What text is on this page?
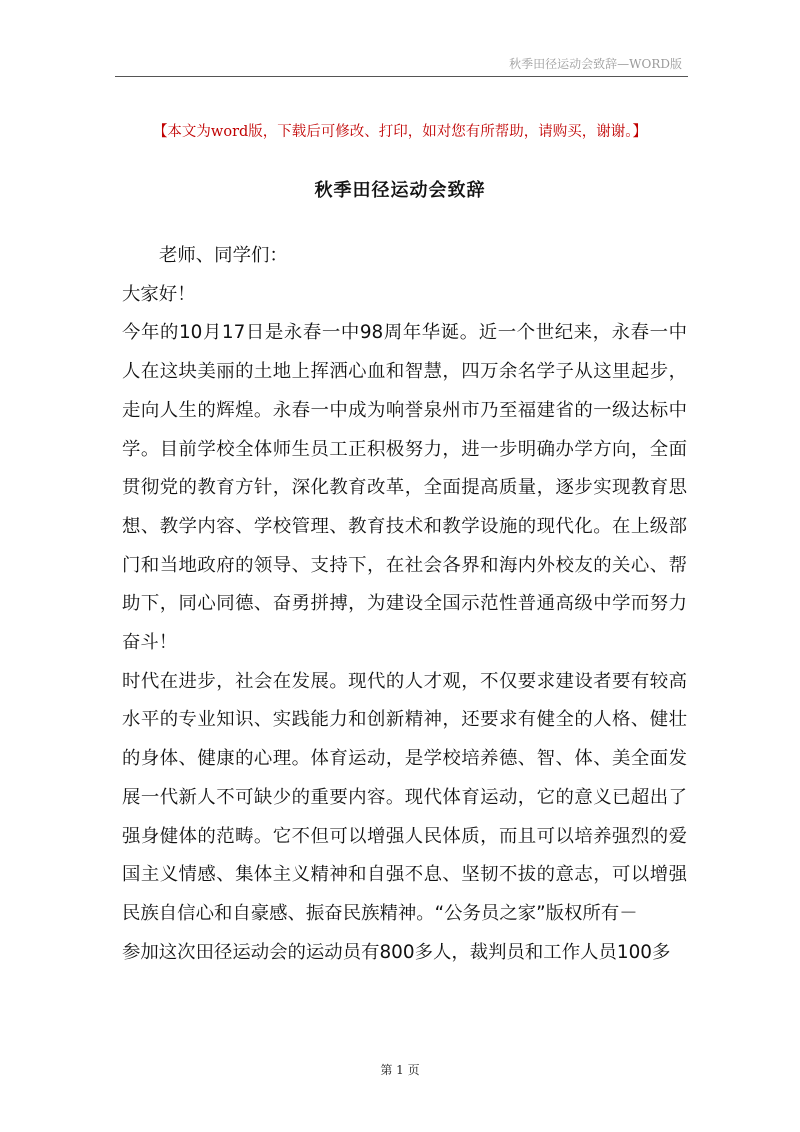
秋季田径运动会致辞—WORD版
【本文为word版，下载后可修改、打印，如对您有所帮助，请购买，谢谢。】
秋季田径运动会致辞

老师、同学们：

大家好！

今年的10月17日是永春一中98周年华诞。近一个世纪来，永春一中人在这块美丽的土地上挥洒心血和智慧，四万余名学子从这里起步，走向人生的辉煌。永春一中成为响誉泉州市乃至福建省的一级达标中学。目前学校全体师生员工正积极努力，进一步明确办学方向，全面贯彻党的教育方针，深化教育改革，全面提高质量，逐步实现教育思想、教学内容、学校管理、教育技术和教学设施的现代化。在上级部门和当地政府的领导、支持下，在社会各界和海内外校友的关心、帮助下，同心同德、奋勇拼搏，为建设全国示范性普通高级中学而努力奋斗！

时代在进步，社会在发展。现代的人才观，不仅要求建设者要有较高水平的专业知识、实践能力和创新精神，还要求有健全的人格、健壮的身体、健康的心理。体育运动，是学校培养德、智、体、美全面发展一代新人不可缺少的重要内容。现代体育运动，它的意义已超出了强身健体的范畴。它不但可以增强人民体质，而且可以培养强烈的爱国主义情感、集体主义精神和自强不息、坚韧不拔的意志，可以增强民族自信心和自豪感、振奋民族精神。“公务员之家”版权所有－

参加这次田径运动会的运动员有800多人，裁判员和工作人员100多

第 1 页
